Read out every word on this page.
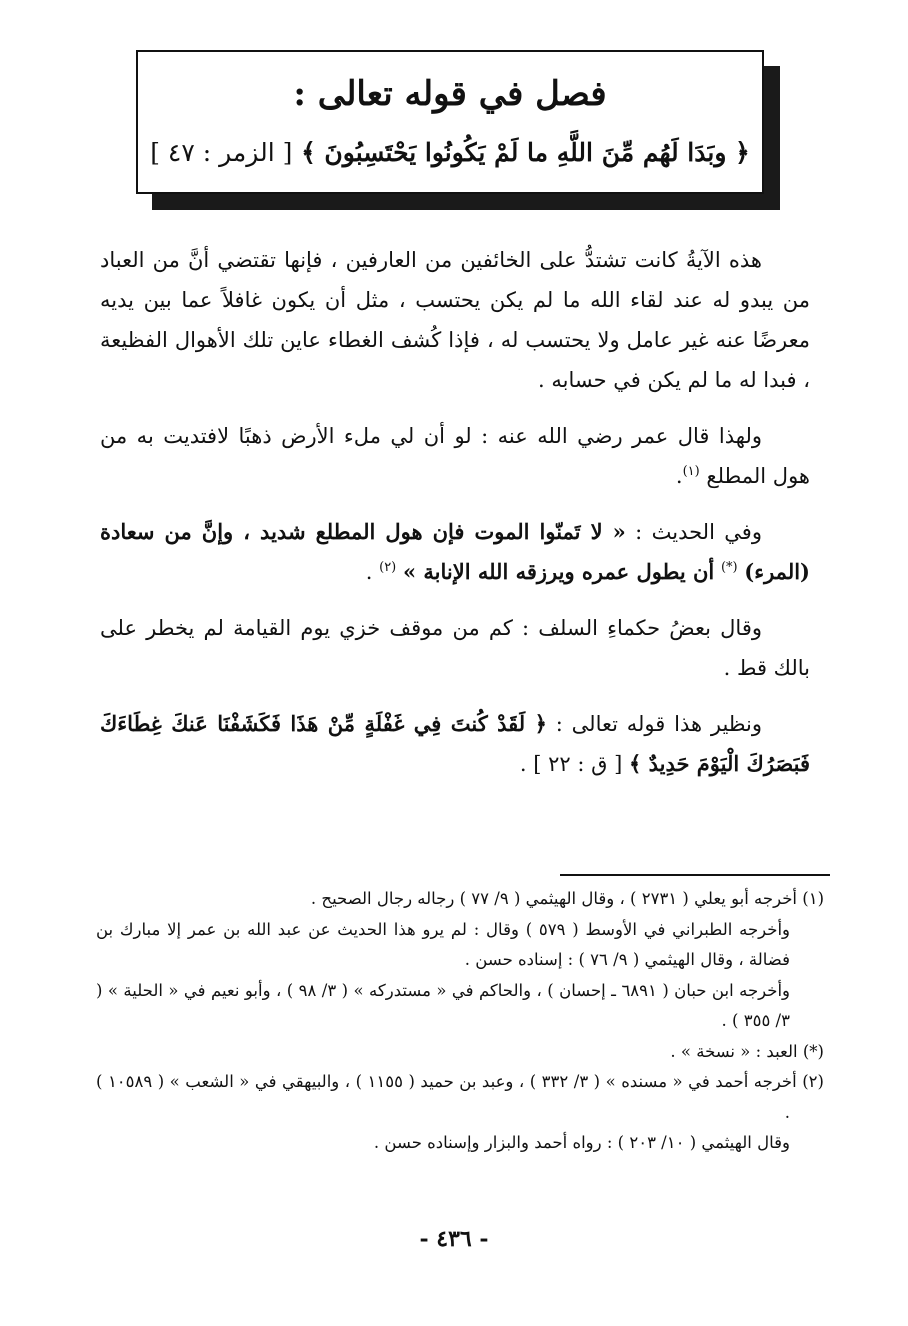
فصل في قوله تعالى :
﴿ وبَدَا لَهُم مِّنَ اللَّهِ ما لَمْ يَكُونُوا يَحْتَسِبُونَ ﴾ [ الزمر : ٤٧ ]

هذه الآيةُ كانت تشتدُّ على الخائفين من العارفين ، فإنها تقتضي أنَّ من العباد من يبدو له عند لقاء الله ما لم يكن يحتسب ، مثل أن يكون غافلاً عما بين يديه معرضًا عنه غير عامل ولا يحتسب له ، فإذا كُشف الغطاء عاين تلك الأهوال الفظيعة ، فبدا له ما لم يكن في حسابه .

ولهذا قال عمر رضي الله عنه : لو أن لي ملء الأرض ذهبًا لافتديت به من هول المطلع $^{(١)}$.

وفي الحديث : « لا تَمنّوا الموت فإن هول المطلع شديد ، وإنَّ من سعادة (المرء) (*) أن يطول عمره ويرزقه الله الإنابة » $^{(٢)}$ .

وقال بعضُ حكماءِ السلف : كم من موقف خزي يوم القيامة لم يخطر على بالك قط .

ونظير هذا قوله تعالى : ﴿ لَقَدْ كُنتَ فِي غَفْلَةٍ مِّنْ هَذَا فَكَشَفْنَا عَنكَ غِطَاءَكَ فَبَصَرُكَ الْيَوْمَ حَدِيدٌ ﴾ [ ق : ٢٢ ] .

(١) أخرجه أبو يعلي ( ٢٧٣١ ) ، وقال الهيثمي ( ٩/ ٧٧ ) رجاله رجال الصحيح .

وأخرجه الطبراني في الأوسط ( ٥٧٩ ) وقال : لم يرو هذا الحديث عن عبد الله بن عمر إلا مبارك بن فضالة ، وقال الهيثمي ( ٩/ ٧٦ ) : إسناده حسن .

وأخرجه ابن حبان ( ٦٨٩١ ـ إحسان ) ، والحاكم في « مستدركه » ( ٣/ ٩٨ ) ، وأبو نعيم في « الحلية » ( ٣/ ٣٥٥ ) .

(*) العبد : « نسخة » .

(٢) أخرجه أحمد في « مسنده » ( ٣/ ٣٣٢ ) ، وعبد بن حميد ( ١١٥٥ ) ، والبيهقي في « الشعب » ( ١٠٥٨٩ ) .

وقال الهيثمي ( ١٠/ ٢٠٣ ) : رواه أحمد والبزار وإسناده حسن .

- ٤٣٦ -
